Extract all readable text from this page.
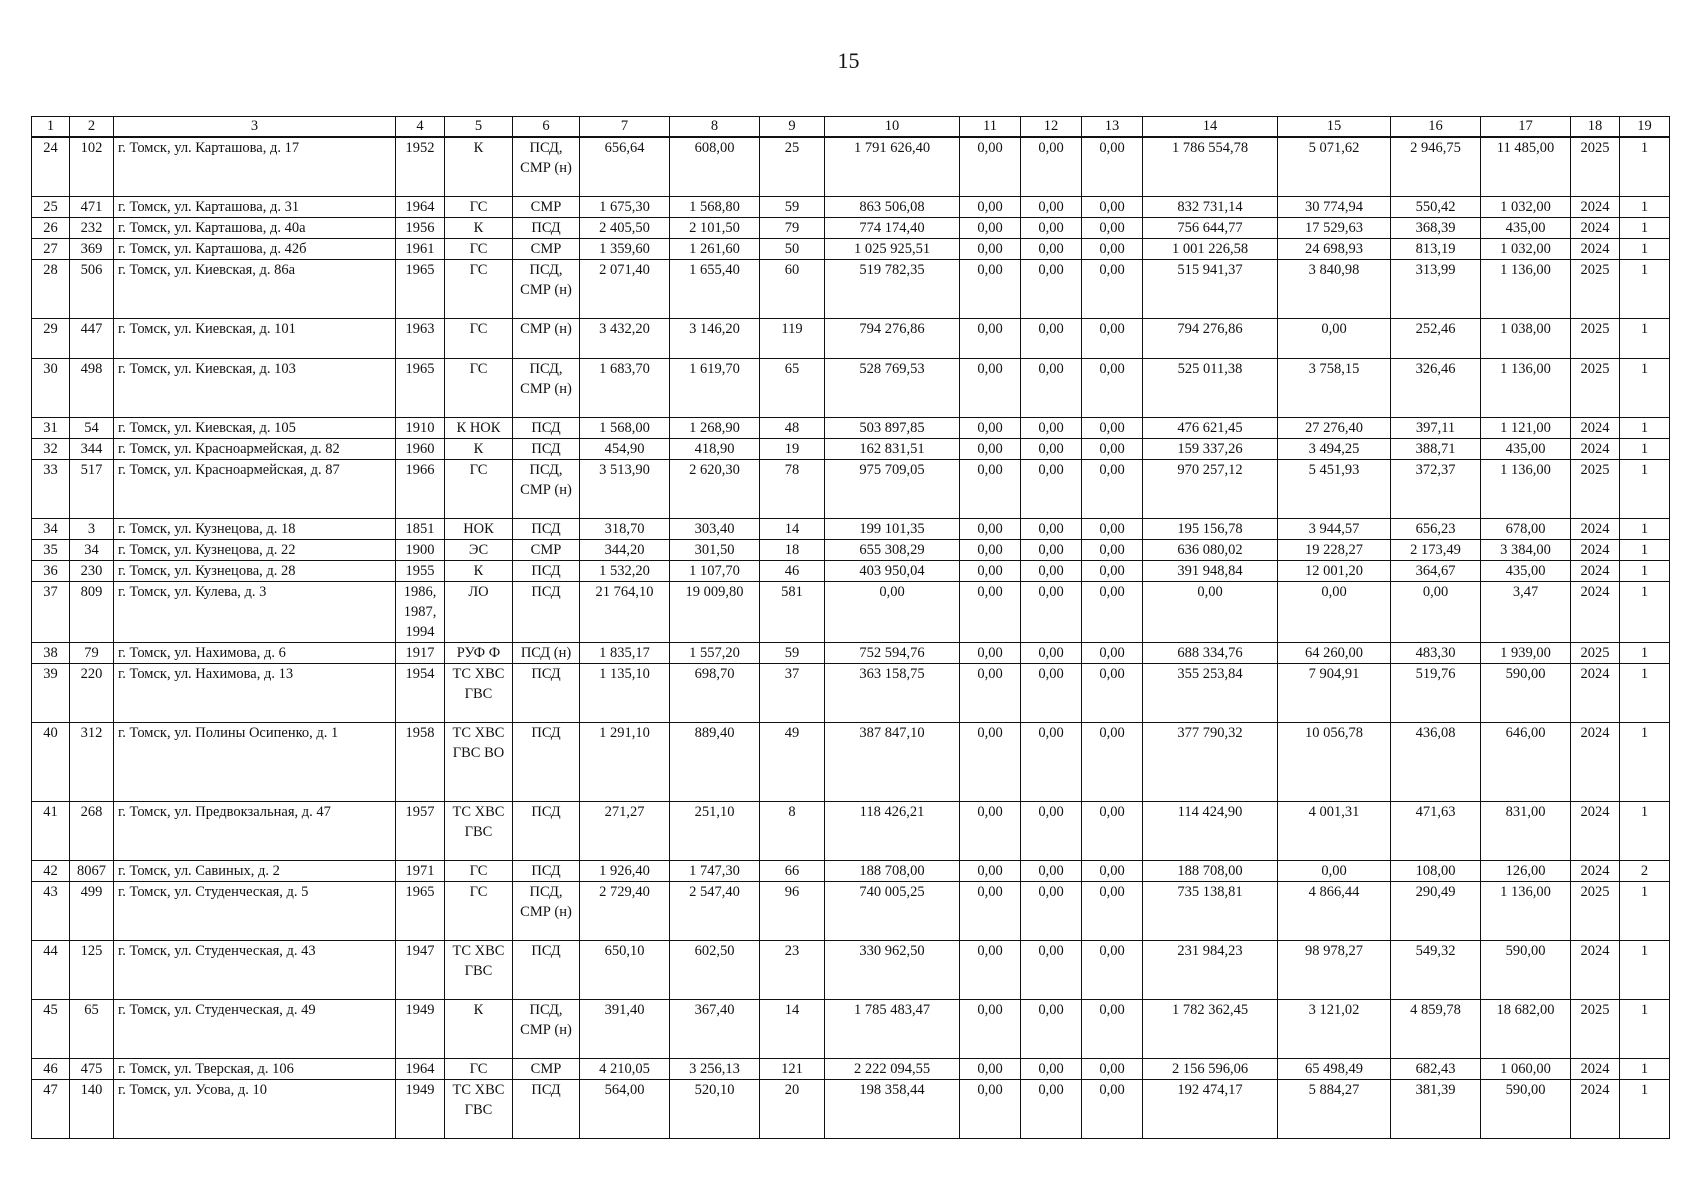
15
1	2	3	4	5	6	7	8	9	10	11	12	13	14	15	16	17	18	19
24	102	г. Томск, ул. Карташова, д. 17	1952	К	ПСД, СМР (н)	656,64	608,00	25	1 791 626,40	0,00	0,00	0,00	1 786 554,78	5 071,62	2 946,75	11 485,00	2025	1
25	471	г. Томск, ул. Карташова, д. 31	1964	ГС	СМР	1 675,30	1 568,80	59	863 506,08	0,00	0,00	0,00	832 731,14	30 774,94	550,42	1 032,00	2024	1
26	232	г. Томск, ул. Карташова, д. 40а	1956	К	ПСД	2 405,50	2 101,50	79	774 174,40	0,00	0,00	0,00	756 644,77	17 529,63	368,39	435,00	2024	1
27	369	г. Томск, ул. Карташова, д. 42б	1961	ГС	СМР	1 359,60	1 261,60	50	1 025 925,51	0,00	0,00	0,00	1 001 226,58	24 698,93	813,19	1 032,00	2024	1
28	506	г. Томск, ул. Киевская, д. 86а	1965	ГС	ПСД, СМР (н)	2 071,40	1 655,40	60	519 782,35	0,00	0,00	0,00	515 941,37	3 840,98	313,99	1 136,00	2025	1
29	447	г. Томск, ул. Киевская, д. 101	1963	ГС	СМР (н)	3 432,20	3 146,20	119	794 276,86	0,00	0,00	0,00	794 276,86	0,00	252,46	1 038,00	2025	1
30	498	г. Томск, ул. Киевская, д. 103	1965	ГС	ПСД, СМР (н)	1 683,70	1 619,70	65	528 769,53	0,00	0,00	0,00	525 011,38	3 758,15	326,46	1 136,00	2025	1
31	54	г. Томск, ул. Киевская, д. 105	1910	К НОК	ПСД	1 568,00	1 268,90	48	503 897,85	0,00	0,00	0,00	476 621,45	27 276,40	397,11	1 121,00	2024	1
32	344	г. Томск, ул. Красноармейская, д. 82	1960	К	ПСД	454,90	418,90	19	162 831,51	0,00	0,00	0,00	159 337,26	3 494,25	388,71	435,00	2024	1
33	517	г. Томск, ул. Красноармейская, д. 87	1966	ГС	ПСД, СМР (н)	3 513,90	2 620,30	78	975 709,05	0,00	0,00	0,00	970 257,12	5 451,93	372,37	1 136,00	2025	1
34	3	г. Томск, ул. Кузнецова, д. 18	1851	НОК	ПСД	318,70	303,40	14	199 101,35	0,00	0,00	0,00	195 156,78	3 944,57	656,23	678,00	2024	1
35	34	г. Томск, ул. Кузнецова, д. 22	1900	ЭС	СМР	344,20	301,50	18	655 308,29	0,00	0,00	0,00	636 080,02	19 228,27	2 173,49	3 384,00	2024	1
36	230	г. Томск, ул. Кузнецова, д. 28	1955	К	ПСД	1 532,20	1 107,70	46	403 950,04	0,00	0,00	0,00	391 948,84	12 001,20	364,67	435,00	2024	1
37	809	г. Томск, ул. Кулева, д. 3	1986, 1987, 1994	ЛО	ПСД	21 764,10	19 009,80	581	0,00	0,00	0,00	0,00	0,00	0,00	0,00	3,47	2024	1
38	79	г. Томск, ул. Нахимова, д. 6	1917	РУФ Ф	ПСД (н)	1 835,17	1 557,20	59	752 594,76	0,00	0,00	0,00	688 334,76	64 260,00	483,30	1 939,00	2025	1
39	220	г. Томск, ул. Нахимова, д. 13	1954	ТС ХВС ГВС	ПСД	1 135,10	698,70	37	363 158,75	0,00	0,00	0,00	355 253,84	7 904,91	519,76	590,00	2024	1
40	312	г. Томск, ул. Полины Осипенко, д. 1	1958	ТС ХВС ГВС ВО	ПСД	1 291,10	889,40	49	387 847,10	0,00	0,00	0,00	377 790,32	10 056,78	436,08	646,00	2024	1
41	268	г. Томск, ул. Предвокзальная, д. 47	1957	ТС ХВС ГВС	ПСД	271,27	251,10	8	118 426,21	0,00	0,00	0,00	114 424,90	4 001,31	471,63	831,00	2024	1
42	8067	г. Томск, ул. Савиных, д. 2	1971	ГС	ПСД	1 926,40	1 747,30	66	188 708,00	0,00	0,00	0,00	188 708,00	0,00	108,00	126,00	2024	2
43	499	г. Томск, ул. Студенческая, д. 5	1965	ГС	ПСД, СМР (н)	2 729,40	2 547,40	96	740 005,25	0,00	0,00	0,00	735 138,81	4 866,44	290,49	1 136,00	2025	1
44	125	г. Томск, ул. Студенческая, д. 43	1947	ТС ХВС ГВС	ПСД	650,10	602,50	23	330 962,50	0,00	0,00	0,00	231 984,23	98 978,27	549,32	590,00	2024	1
45	65	г. Томск, ул. Студенческая, д. 49	1949	К	ПСД, СМР (н)	391,40	367,40	14	1 785 483,47	0,00	0,00	0,00	1 782 362,45	3 121,02	4 859,78	18 682,00	2025	1
46	475	г. Томск, ул. Тверская, д. 106	1964	ГС	СМР	4 210,05	3 256,13	121	2 222 094,55	0,00	0,00	0,00	2 156 596,06	65 498,49	682,43	1 060,00	2024	1
47	140	г. Томск, ул. Усова, д. 10	1949	ТС ХВС ГВС	ПСД	564,00	520,10	20	198 358,44	0,00	0,00	0,00	192 474,17	5 884,27	381,39	590,00	2024	1
